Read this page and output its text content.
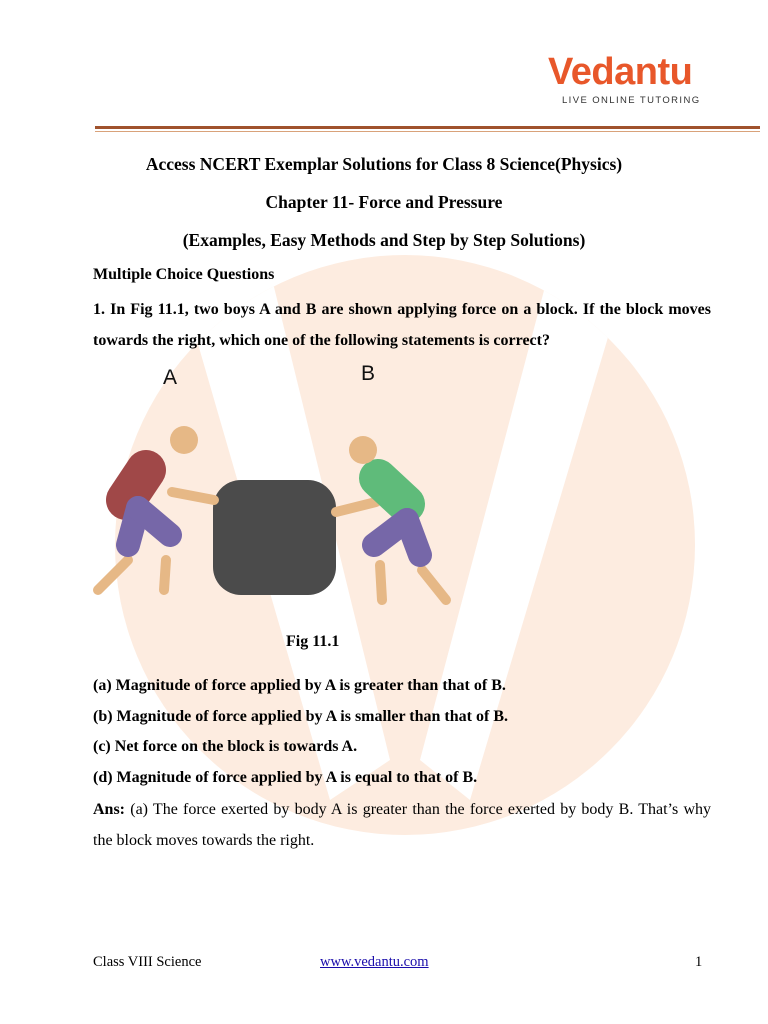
Vedantu
LIVE ONLINE TUTORING
Access NCERT Exemplar Solutions for Class 8 Science(Physics)
Chapter 11- Force and Pressure
(Examples, Easy Methods and Step by Step Solutions)
Multiple Choice Questions
1. In Fig 11.1, two boys A and B are shown applying force on a block. If the block moves towards the right, which one of the following statements is correct?
A	B
Fig 11.1
(a) Magnitude of force applied by A is greater than that of B.
(b) Magnitude of force applied by A is smaller than that of B.
(c) Net force on the block is towards A.
(d) Magnitude of force applied by A is equal to that of B.
Ans: (a) The force exerted by body A is greater than the force exerted by body B. That’s why the block moves towards the right.
Class VIII Science	www.vedantu.com	1
